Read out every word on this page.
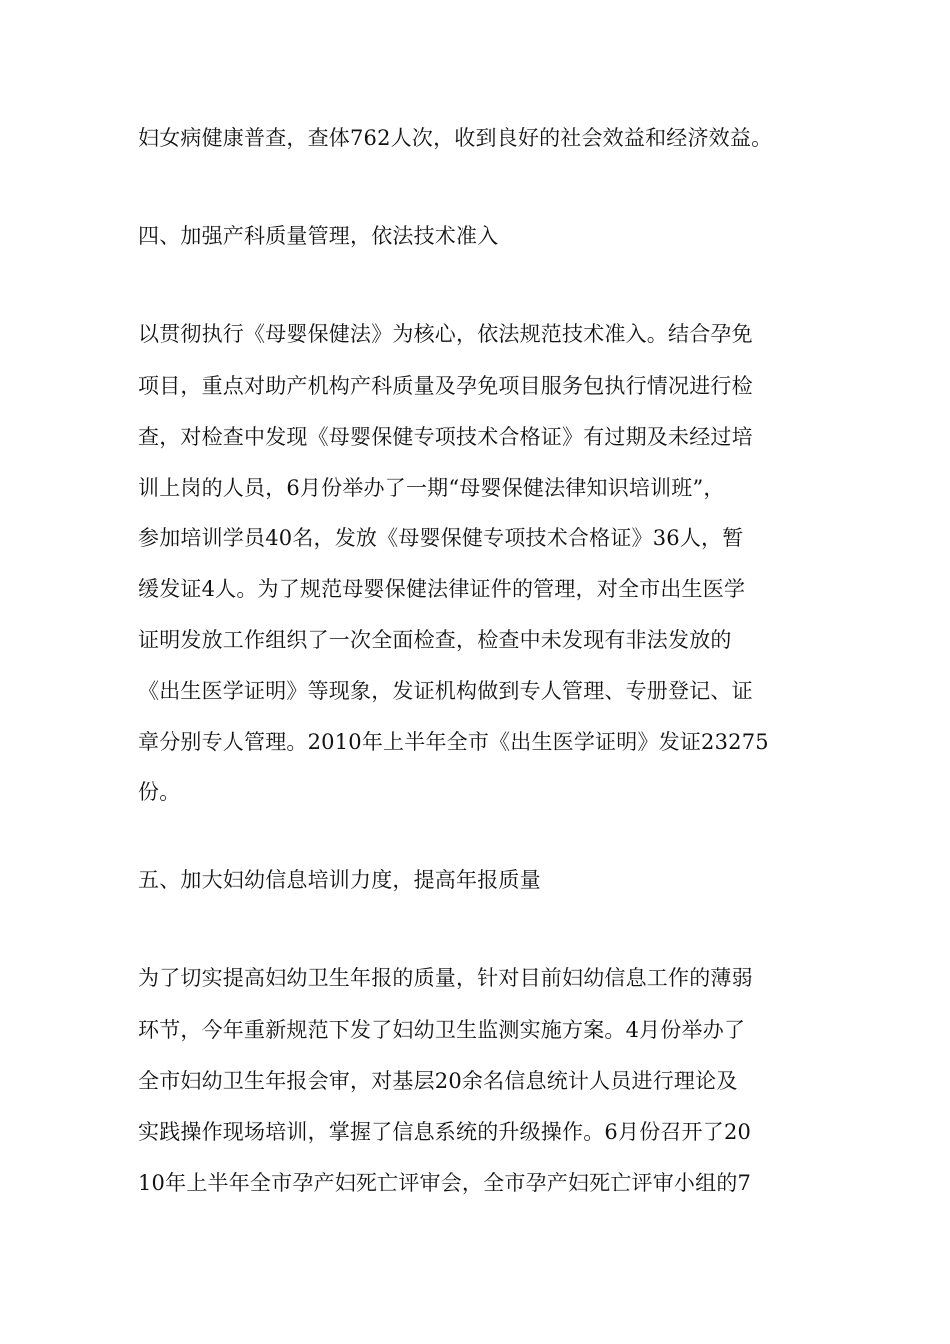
妇女病健康普查，查体762人次，收到良好的社会效益和经济效益。
四、加强产科质量管理，依法技术准入
以贯彻执行《母婴保健法》为核心，依法规范技术准入。结合孕免
项目，重点对助产机构产科质量及孕免项目服务包执行情况进行检
查，对检查中发现《母婴保健专项技术合格证》有过期及未经过培
训上岗的人员，6月份举办了一期“母婴保健法律知识培训班”，
参加培训学员40名，发放《母婴保健专项技术合格证》36人，暂
缓发证4人。为了规范母婴保健法律证件的管理，对全市出生医学
证明发放工作组织了一次全面检查，检查中未发现有非法发放的
《出生医学证明》等现象，发证机构做到专人管理、专册登记、证
章分别专人管理。2010年上半年全市《出生医学证明》发证23275
份。
五、加大妇幼信息培训力度，提高年报质量
为了切实提高妇幼卫生年报的质量，针对目前妇幼信息工作的薄弱
环节，今年重新规范下发了妇幼卫生监测实施方案。4月份举办了
全市妇幼卫生年报会审，对基层20余名信息统计人员进行理论及
实践操作现场培训，掌握了信息系统的升级操作。6月份召开了20
10年上半年全市孕产妇死亡评审会，全市孕产妇死亡评审小组的7
